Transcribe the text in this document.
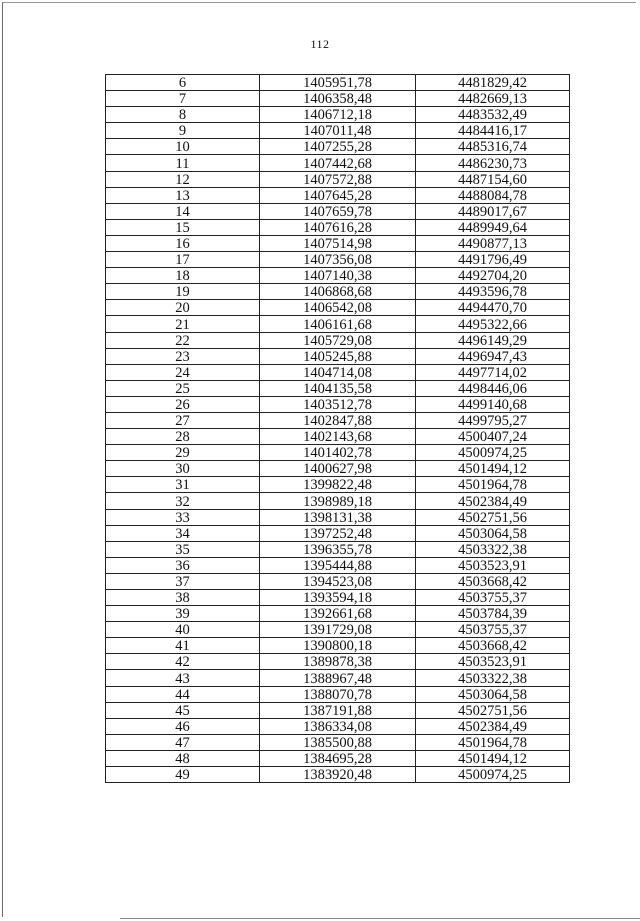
112
6	1405951,78	4481829,42
7	1406358,48	4482669,13
8	1406712,18	4483532,49
9	1407011,48	4484416,17
10	1407255,28	4485316,74
11	1407442,68	4486230,73
12	1407572,88	4487154,60
13	1407645,28	4488084,78
14	1407659,78	4489017,67
15	1407616,28	4489949,64
16	1407514,98	4490877,13
17	1407356,08	4491796,49
18	1407140,38	4492704,20
19	1406868,68	4493596,78
20	1406542,08	4494470,70
21	1406161,68	4495322,66
22	1405729,08	4496149,29
23	1405245,88	4496947,43
24	1404714,08	4497714,02
25	1404135,58	4498446,06
26	1403512,78	4499140,68
27	1402847,88	4499795,27
28	1402143,68	4500407,24
29	1401402,78	4500974,25
30	1400627,98	4501494,12
31	1399822,48	4501964,78
32	1398989,18	4502384,49
33	1398131,38	4502751,56
34	1397252,48	4503064,58
35	1396355,78	4503322,38
36	1395444,88	4503523,91
37	1394523,08	4503668,42
38	1393594,18	4503755,37
39	1392661,68	4503784,39
40	1391729,08	4503755,37
41	1390800,18	4503668,42
42	1389878,38	4503523,91
43	1388967,48	4503322,38
44	1388070,78	4503064,58
45	1387191,88	4502751,56
46	1386334,08	4502384,49
47	1385500,88	4501964,78
48	1384695,28	4501494,12
49	1383920,48	4500974,25
